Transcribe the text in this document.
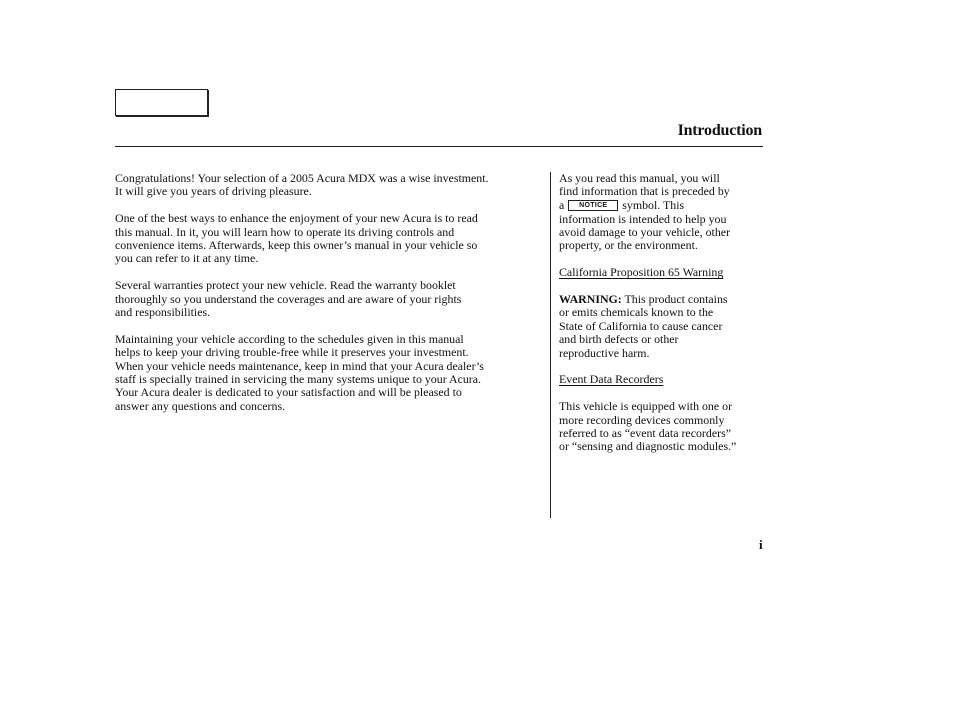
Introduction

Congratulations! Your selection of a 2005 Acura MDX was a wise investment.
It will give you years of driving pleasure.

One of the best ways to enhance the enjoyment of your new Acura is to read
this manual. In it, you will learn how to operate its driving controls and
convenience items. Afterwards, keep this owner’s manual in your vehicle so
you can refer to it at any time.

Several warranties protect your new vehicle. Read the warranty booklet
thoroughly so you understand the coverages and are aware of your rights
and responsibilities.

Maintaining your vehicle according to the schedules given in this manual
helps to keep your driving trouble-free while it preserves your investment.
When your vehicle needs maintenance, keep in mind that your Acura dealer’s
staff is specially trained in servicing the many systems unique to your Acura.
Your Acura dealer is dedicated to your satisfaction and will be pleased to
answer any questions and concerns.

As you read this manual, you will
find information that is preceded by
a NOTICE symbol. This
information is intended to help you
avoid damage to your vehicle, other
property, or the environment.

California Proposition 65 Warning

WARNING: This product contains
or emits chemicals known to the
State of California to cause cancer
and birth defects or other
reproductive harm.

Event Data Recorders

This vehicle is equipped with one or
more recording devices commonly
referred to as “event data recorders”
or “sensing and diagnostic modules.”

i
